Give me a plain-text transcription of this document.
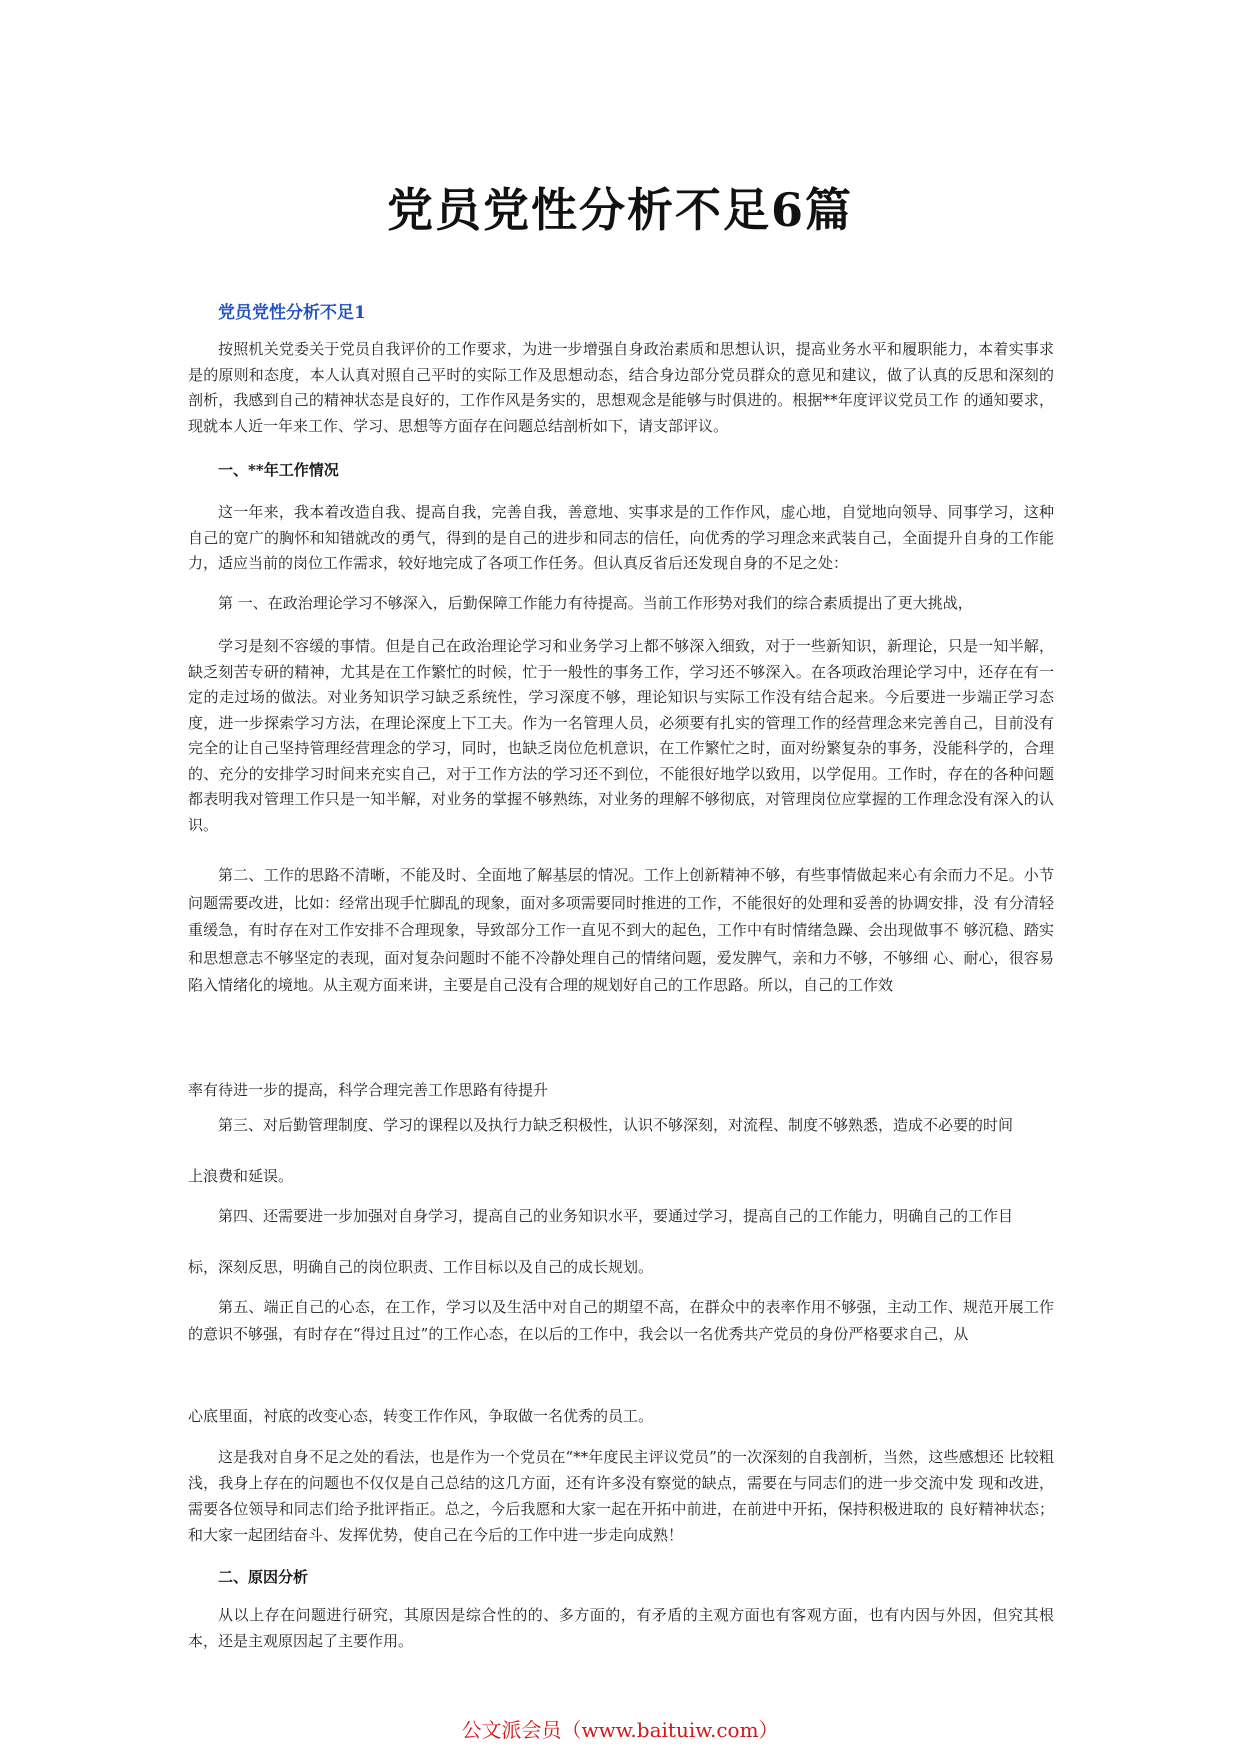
党员党性分析不足6篇

党员党性分析不足1

按照机关党委关于党员自我评价的工作要求，为进一步增强自身政治素质和思想认识，提高业务水平和履职能力，本着实事求是的原则和态度，本人认真对照自己平时的实际工作及思想动态，结合身边部分党员群众的意见和建议，做了认真的反思和深刻的剖析，我感到自己的精神状态是良好的，工作作风是务实的，思想观念是能够与时俱进的。根据**年度评议党员工作 的通知要求，现就本人近一年来工作、学习、思想等方面存在问题总结剖析如下，请支部评议。

一、**年工作情况

这一年来，我本着改造自我、提高自我，完善自我，善意地、实事求是的工作作风，虚心地，自觉地向领导、同事学习，这种自己的宽广的胸怀和知错就改的勇气，得到的是自己的进步和同志的信任，向优秀的学习理念来武装自己，全面提升自身的工作能力，适应当前的岗位工作需求，较好地完成了各项工作任务。但认真反省后还发现自身的不足之处：

第 一、在政治理论学习不够深入，后勤保障工作能力有待提高。当前工作形势对我们的综合素质提出了更大挑战，

学习是刻不容缓的事情。但是自己在政治理论学习和业务学习上都不够深入细致，对于一些新知识，新理论，只是一知半解，缺乏刻苦专研的精神，尤其是在工作繁忙的时候，忙于一般性的事务工作，学习还不够深入。在各项政治理论学习中，还存在有一定的走过场的做法。对业务知识学习缺乏系统性，学习深度不够，理论知识与实际工作没有结合起来。今后要进一步端正学习态度，进一步探索学习方法，在理论深度上下工夫。作为一名管理人员，必须要有扎实的管理工作的经营理念来完善自己，目前没有完全的让自己坚持管理经营理念的学习，同时，也缺乏岗位危机意识，在工作繁忙之时，面对纷繁复杂的事务，没能科学的，合理的、充分的安排学习时间来充实自己，对于工作方法的学习还不到位，不能很好地学以致用，以学促用。工作时，存在的各种问题都表明我对管理工作只是一知半解，对业务的掌握不够熟练，对业务的理解不够彻底，对管理岗位应掌握的工作理念没有深入的认识。

第二、工作的思路不清晰，不能及时、全面地了解基层的情况。工作上创新精神不够，有些事情做起来心有余而力不足。小节问题需要改进，比如：经常出现手忙脚乱的现象，面对多项需要同时推进的工作，不能很好的处理和妥善的协调安排，没 有分清轻重缓急，有时存在对工作安排不合理现象，导致部分工作一直见不到大的起色，工作中有时情绪急躁、会出现做事不 够沉稳、踏实和思想意志不够坚定的表现，面对复杂问题时不能不冷静处理自己的情绪问题，爱发脾气，亲和力不够，不够细 心、耐心，很容易陷入情绪化的境地。从主观方面来讲，主要是自己没有合理的规划好自己的工作思路。所以，自己的工作效

率有待进一步的提高，科学合理完善工作思路有待提升

第三、对后勤管理制度、学习的课程以及执行力缺乏积极性，认识不够深刻，对流程、制度不够熟悉，造成不必要的时间

上浪费和延误。

第四、还需要进一步加强对自身学习，提高自己的业务知识水平，要通过学习，提高自己的工作能力，明确自己的工作目

标，深刻反思，明确自己的岗位职责、工作目标以及自己的成长规划。

第五、端正自己的心态，在工作，学习以及生活中对自己的期望不高，在群众中的表率作用不够强，主动工作、规范开展工作的意识不够强，有时存在“得过且过”的工作心态，在以后的工作中，我会以一名优秀共产党员的身份严格要求自己，从

心底里面，衬底的改变心态，转变工作作风，争取做一名优秀的员工。

这是我对自身不足之处的看法，也是作为一个党员在“**年度民主评议党员”的一次深刻的自我剖析，当然，这些感想还 比较粗浅，我身上存在的问题也不仅仅是自己总结的这几方面，还有许多没有察觉的缺点，需要在与同志们的进一步交流中发 现和改进，需要各位领导和同志们给予批评指正。总之，今后我愿和大家一起在开拓中前进，在前进中开拓，保持积极进取的 良好精神状态；和大家一起团结奋斗、发挥优势，使自己在今后的工作中进一步走向成熟！

二、原因分析

从以上存在问题进行研究，其原因是综合性的的、多方面的，有矛盾的主观方面也有客观方面，也有内因与外因，但究其根本，还是主观原因起了主要作用。

公文派会员（www.baituiw.com）
